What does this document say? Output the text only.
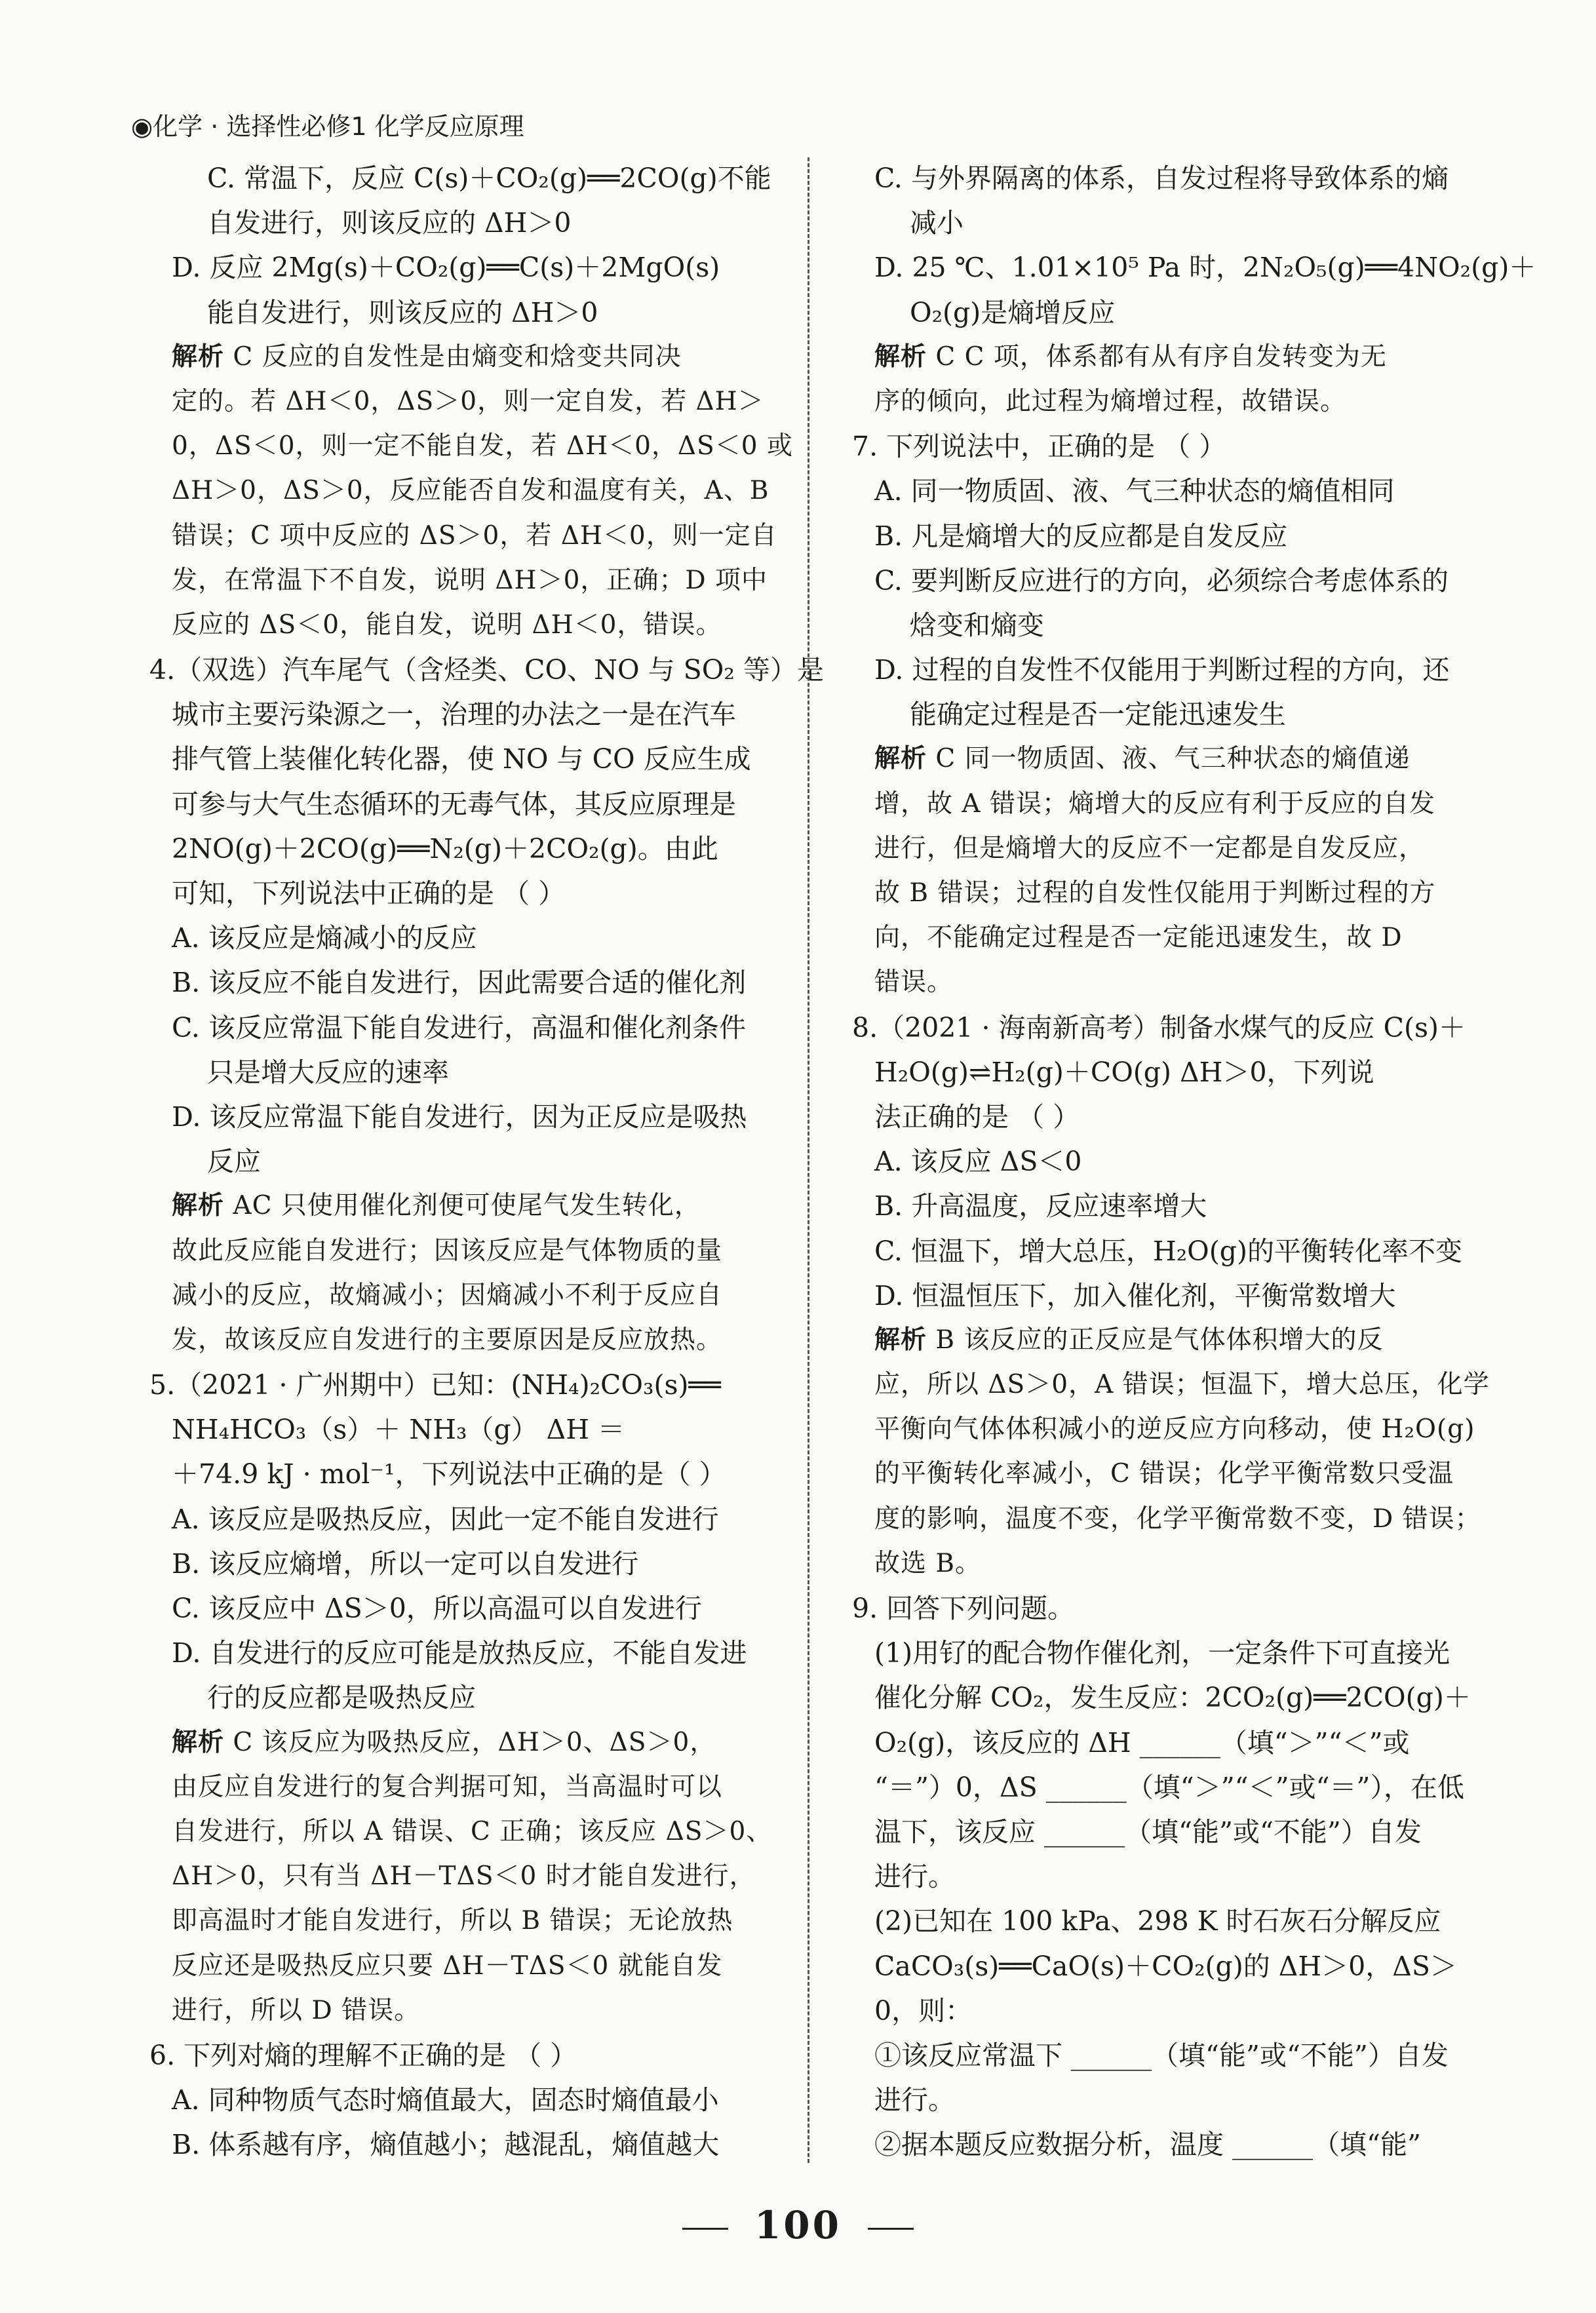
◉化学 · 选择性必修1 化学反应原理
C. 常温下，反应 C(s)＋CO₂(g)══2CO(g)不能
自发进行，则该反应的 ΔH＞0
D. 反应 2Mg(s)＋CO₂(g)══C(s)＋2MgO(s)
能自发进行，则该反应的 ΔH＞0
解析 C 反应的自发性是由熵变和焓变共同决
定的。若 ΔH＜0，ΔS＞0，则一定自发，若 ΔH＞
0，ΔS＜0，则一定不能自发，若 ΔH＜0，ΔS＜0 或
ΔH＞0，ΔS＞0，反应能否自发和温度有关，A、B
错误；C 项中反应的 ΔS＞0，若 ΔH＜0，则一定自
发，在常温下不自发，说明 ΔH＞0，正确；D 项中
反应的 ΔS＜0，能自发，说明 ΔH＜0，错误。
4.（双选）汽车尾气（含烃类、CO、NO 与 SO₂ 等）是
城市主要污染源之一，治理的办法之一是在汽车
排气管上装催化转化器，使 NO 与 CO 反应生成
可参与大气生态循环的无毒气体，其反应原理是
2NO(g)＋2CO(g)══N₂(g)＋2CO₂(g)。由此
可知，下列说法中正确的是 （ ）
A. 该反应是熵减小的反应
B. 该反应不能自发进行，因此需要合适的催化剂
C. 该反应常温下能自发进行，高温和催化剂条件
只是增大反应的速率
D. 该反应常温下能自发进行，因为正反应是吸热
反应
解析 AC 只使用催化剂便可使尾气发生转化，
故此反应能自发进行；因该反应是气体物质的量
减小的反应，故熵减小；因熵减小不利于反应自
发，故该反应自发进行的主要原因是反应放热。
5.（2021 · 广州期中）已知：(NH₄)₂CO₃(s)══
NH₄HCO₃（s）＋ NH₃（g） ΔH ＝
＋74.9 kJ · mol⁻¹，下列说法中正确的是（ ）
A. 该反应是吸热反应，因此一定不能自发进行
B. 该反应熵增，所以一定可以自发进行
C. 该反应中 ΔS＞0，所以高温可以自发进行
D. 自发进行的反应可能是放热反应，不能自发进
行的反应都是吸热反应
解析 C 该反应为吸热反应，ΔH＞0、ΔS＞0，
由反应自发进行的复合判据可知，当高温时可以
自发进行，所以 A 错误、C 正确；该反应 ΔS＞0、
ΔH＞0，只有当 ΔH－TΔS＜0 时才能自发进行，
即高温时才能自发进行，所以 B 错误；无论放热
反应还是吸热反应只要 ΔH－TΔS＜0 就能自发
进行，所以 D 错误。
6. 下列对熵的理解不正确的是 （ ）
A. 同种物质气态时熵值最大，固态时熵值最小
B. 体系越有序，熵值越小；越混乱，熵值越大
C. 与外界隔离的体系，自发过程将导致体系的熵
减小
D. 25 ℃、1.01×10⁵ Pa 时，2N₂O₅(g)══4NO₂(g)＋
O₂(g)是熵增反应
解析 C C 项，体系都有从有序自发转变为无
序的倾向，此过程为熵增过程，故错误。
7. 下列说法中，正确的是 （ ）
A. 同一物质固、液、气三种状态的熵值相同
B. 凡是熵增大的反应都是自发反应
C. 要判断反应进行的方向，必须综合考虑体系的
焓变和熵变
D. 过程的自发性不仅能用于判断过程的方向，还
能确定过程是否一定能迅速发生
解析 C 同一物质固、液、气三种状态的熵值递
增，故 A 错误；熵增大的反应有利于反应的自发
进行，但是熵增大的反应不一定都是自发反应，
故 B 错误；过程的自发性仅能用于判断过程的方
向，不能确定过程是否一定能迅速发生，故 D
错误。
8.（2021 · 海南新高考）制备水煤气的反应 C(s)＋
H₂O(g)⇌H₂(g)＋CO(g) ΔH＞0，下列说
法正确的是 （ ）
A. 该反应 ΔS＜0
B. 升高温度，反应速率增大
C. 恒温下，增大总压，H₂O(g)的平衡转化率不变
D. 恒温恒压下，加入催化剂，平衡常数增大
解析 B 该反应的正反应是气体体积增大的反
应，所以 ΔS＞0，A 错误；恒温下，增大总压，化学
平衡向气体体积减小的逆反应方向移动，使 H₂O(g)
的平衡转化率减小，C 错误；化学平衡常数只受温
度的影响，温度不变，化学平衡常数不变，D 错误；
故选 B。
9. 回答下列问题。
(1)用钌的配合物作催化剂，一定条件下可直接光
催化分解 CO₂，发生反应：2CO₂(g)══2CO(g)＋
O₂(g)，该反应的 ΔH ______（填“＞”“＜”或
“＝”）0，ΔS ______（填“＞”“＜”或“＝”），在低
温下，该反应 ______（填“能”或“不能”）自发
进行。
(2)已知在 100 kPa、298 K 时石灰石分解反应
CaCO₃(s)══CaO(s)＋CO₂(g)的 ΔH＞0，ΔS＞
0，则：
①该反应常温下 ______（填“能”或“不能”）自发
进行。
②据本题反应数据分析，温度 ______（填“能”
100
